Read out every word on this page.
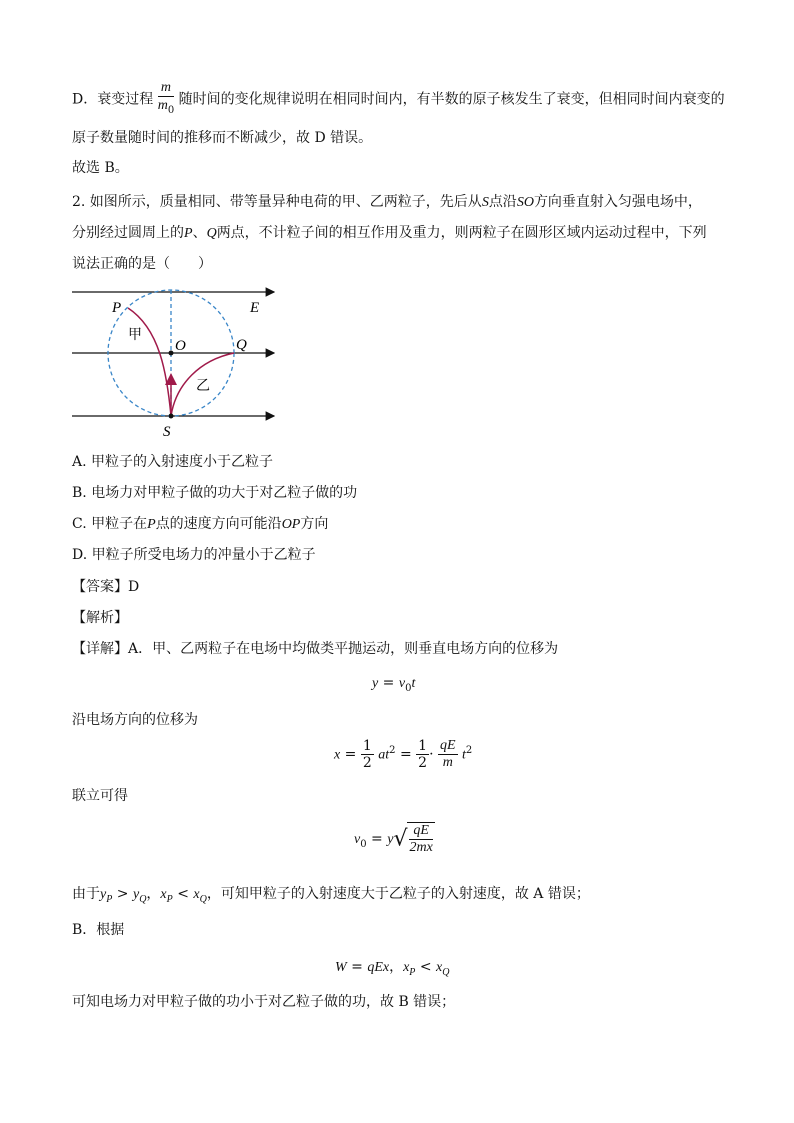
D．衰变过程 $\frac{m}{m_0}$ 随时间的变化规律说明在相同时间内，有半数的原子核发生了衰变，但相同时间内衰变的
原子数量随时间的推移而不断减少，故 D 错误。
故选 B。
2. 如图所示，质量相同、带等量异种电荷的甲、乙两粒子，先后从S点沿SO方向垂直射入匀强电场中，
分别经过圆周上的P、Q两点，不计粒子间的相互作用及重力，则两粒子在圆形区域内运动过程中，下列
说法正确的是（　　）
P	E
O	Q
S
甲
乙
A. 甲粒子的入射速度小于乙粒子
B. 电场力对甲粒子做的功大于对乙粒子做的功
C. 甲粒子在P点的速度方向可能沿OP方向
D. 甲粒子所受电场力的冲量小于乙粒子
【答案】D
【解析】
【详解】A．甲、乙两粒子在电场中均做类平抛运动，则垂直电场方向的位移为
$y = v_0t$
沿电场方向的位移为
$x = \frac{1}{2} at^2 = \frac{1}{2} \cdot \frac{qE}{m} t^2$
联立可得
$v_0 = y√ \frac{qE}{2mx}$
由于$y_P > y_Q$，$x_P < x_Q$，可知甲粒子的入射速度大于乙粒子的入射速度，故 A 错误；
B．根据
W = qEx，$x_P < x_Q$
可知电场力对甲粒子做的功小于对乙粒子做的功，故 B 错误；
